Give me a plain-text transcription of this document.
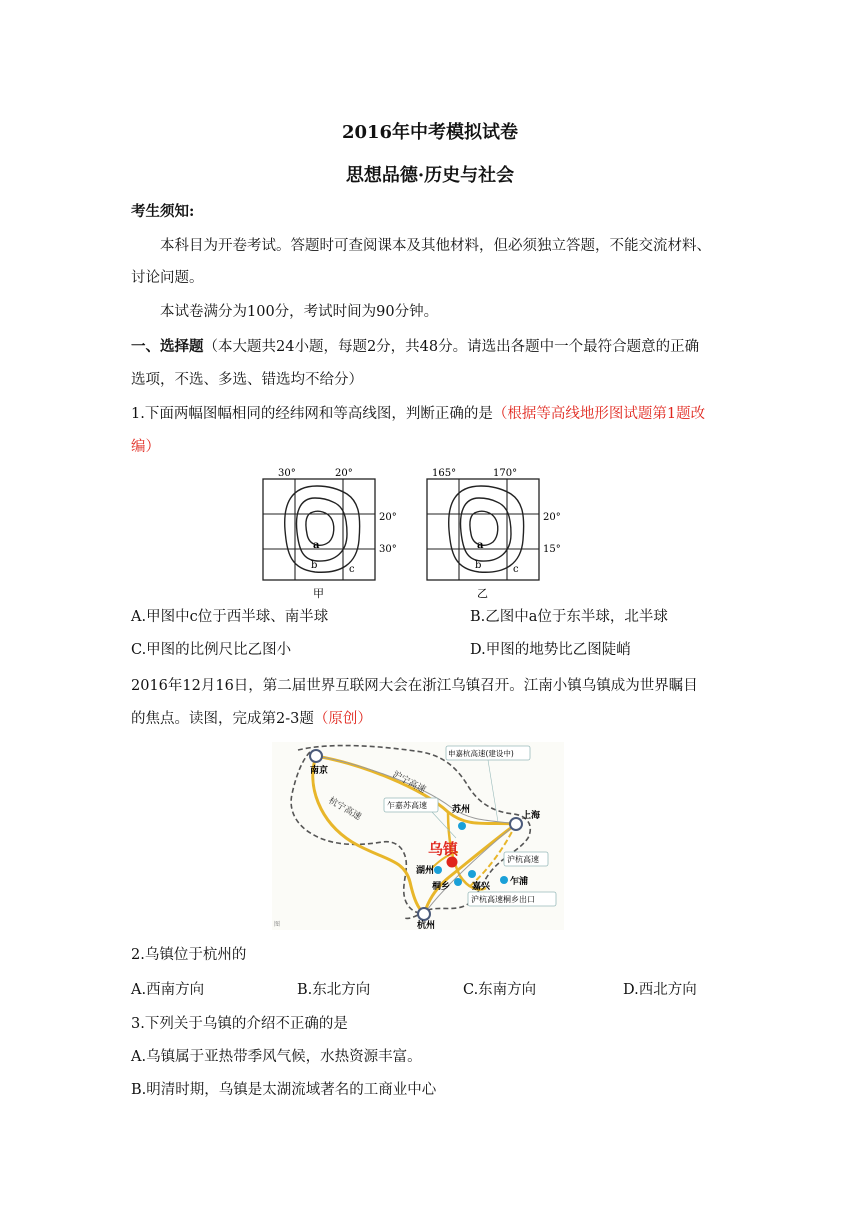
2016年中考模拟试卷
思想品德·历史与社会
考生须知:
本科目为开卷考试。答题时可查阅课本及其他材料，但必须独立答题，不能交流材料、
讨论问题。
本试卷满分为100分，考试时间为90分钟。
一、选择题（本大题共24小题，每题2分，共48分。请选出各题中一个最符合题意的正确
选项，不选、多选、错选均不给分）
1.下面两幅图幅相同的经纬网和等高线图，判断正确的是（根据等高线地形图试题第1题改
编）
30°	20°
20°
30°
a
b	c
甲
165°	170°
20°
15°
a
b	c
乙
A.甲图中c位于西半球、南半球	B.乙图中a位于东半球，北半球
C.甲图的比例尺比乙图小	D.甲图的地势比乙图陡峭
2016年12月16日，第二届世界互联网大会在浙江乌镇召开。江南小镇乌镇成为世界瞩目
的焦点。读图，完成第2-3题（原创）
南京
苏州
上海
乌镇
湖州
桐乡 嘉兴 乍浦
杭州
沪宁高速
杭宁高速	乍嘉苏高速
申嘉杭高速(建设中)
沪杭高速
沪杭高速桐乡出口
图
2.乌镇位于杭州的
A.西南方向	B.东北方向	C.东南方向	D.西北方向
3.下列关于乌镇的介绍不正确的是
A.乌镇属于亚热带季风气候，水热资源丰富。
B.明清时期，乌镇是太湖流域著名的工商业中心
